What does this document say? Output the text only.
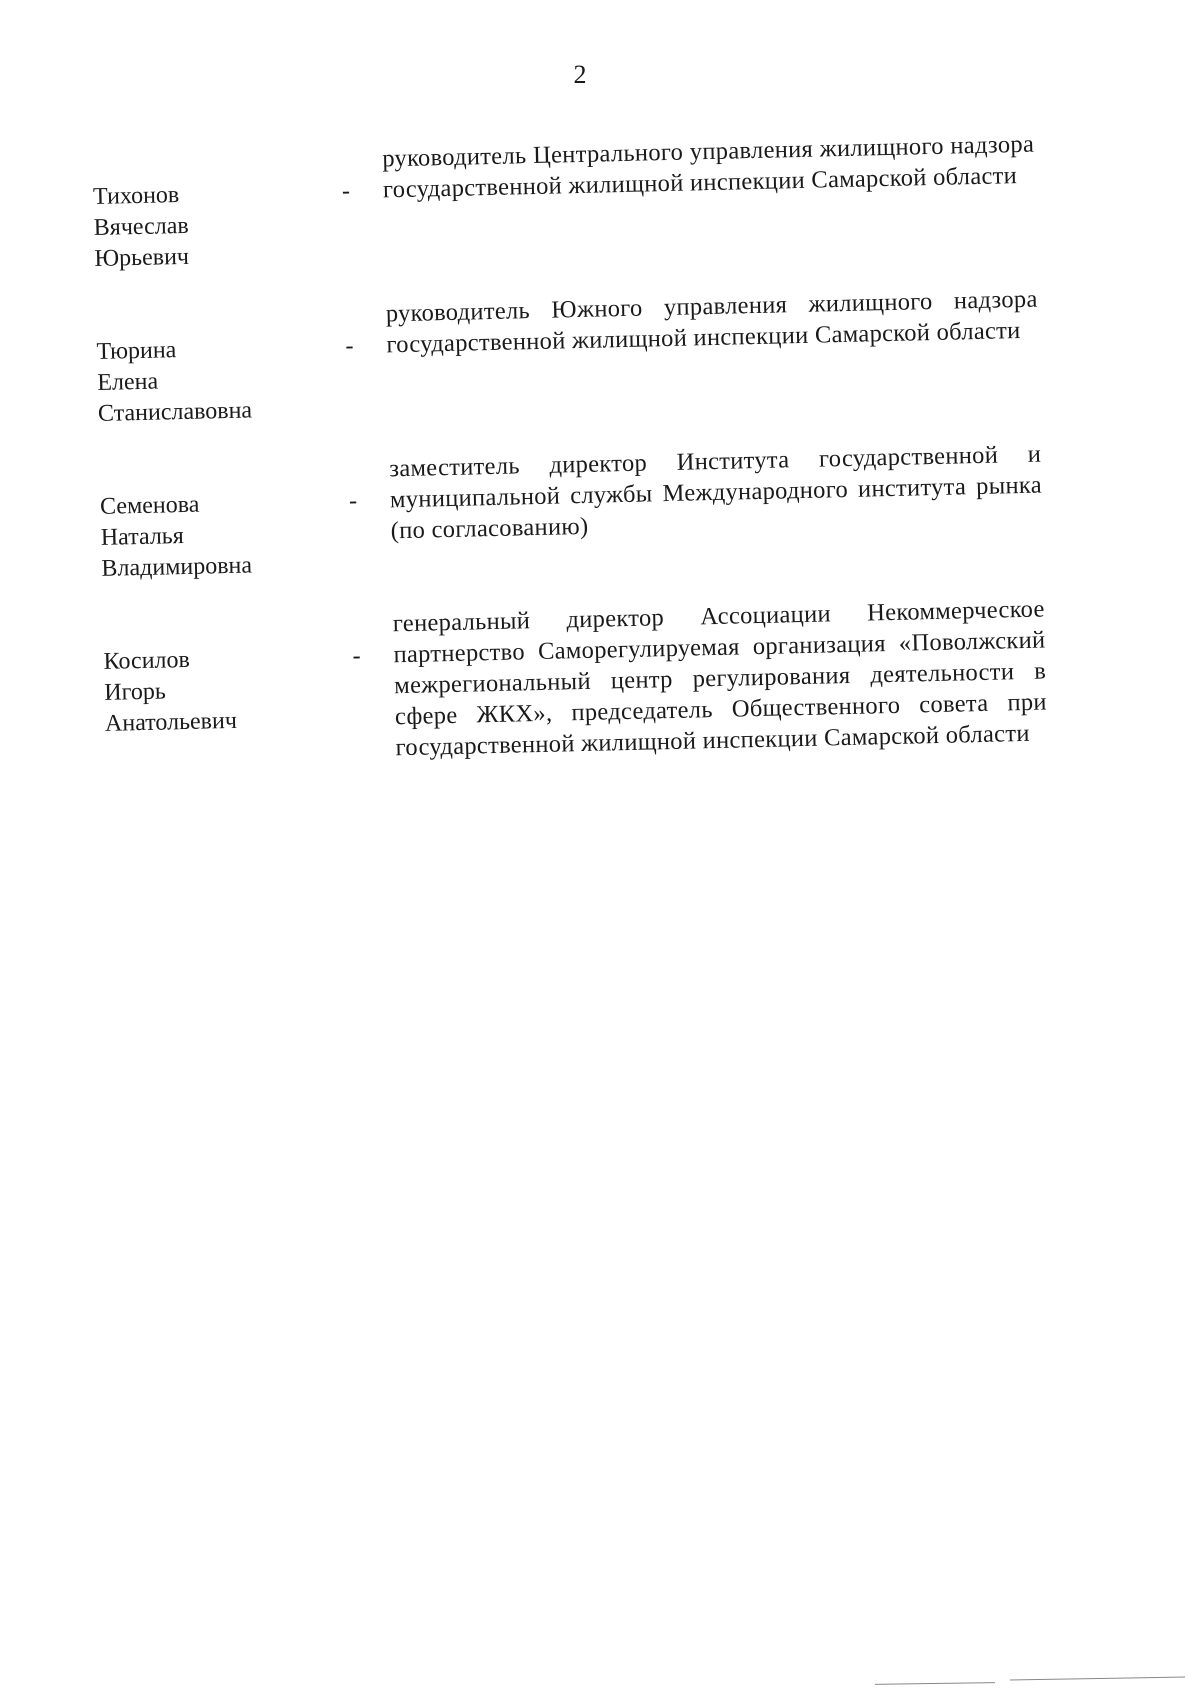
2
Тихонов
Вячеслав
Юрьевич
-
руководитель Центрального управления жилищного надзора государственной жилищной инспекции Самарской области
Тюрина
Елена
Станиславовна
-
руководитель Южного управления жилищного надзора государственной жилищной инспекции Самарской области
Семенова
Наталья
Владимировна
-
заместитель директор Института государственной и муниципальной службы Международного института рынка (по согласованию)
Косилов
Игорь
Анатольевич
-
генеральный директор Ассоциации Некоммерческое партнерство Саморегулируемая организация «Поволжский межрегиональный центр регулирования деятельности в сфере ЖКХ», председатель Общественного совета при государственной жилищной инспекции Самарской области
